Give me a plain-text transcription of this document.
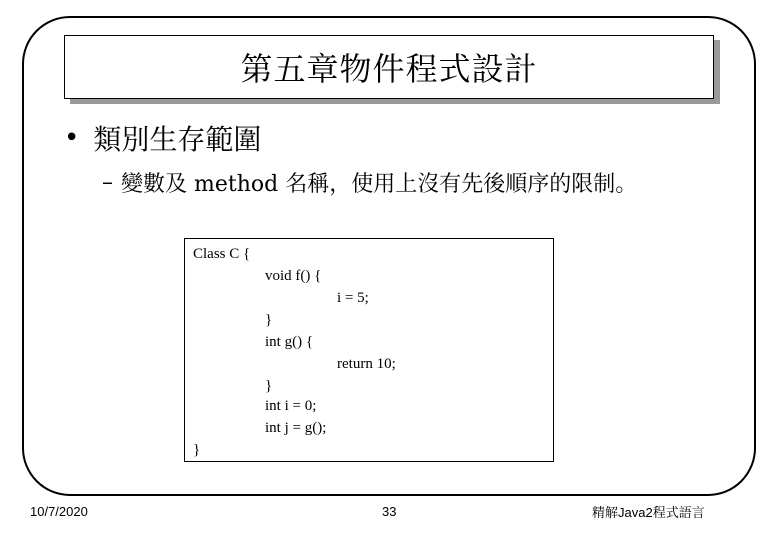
第五章物件程式設計
• 類別生存範圍
– 變數及 method 名稱，使用上沒有先後順序的限制。
Class C {
void f() {
i = 5;
}
int g() {
return 10;
}
int i = 0;
int j = g();
}
10/7/2020	33	精解Java2程式語言
